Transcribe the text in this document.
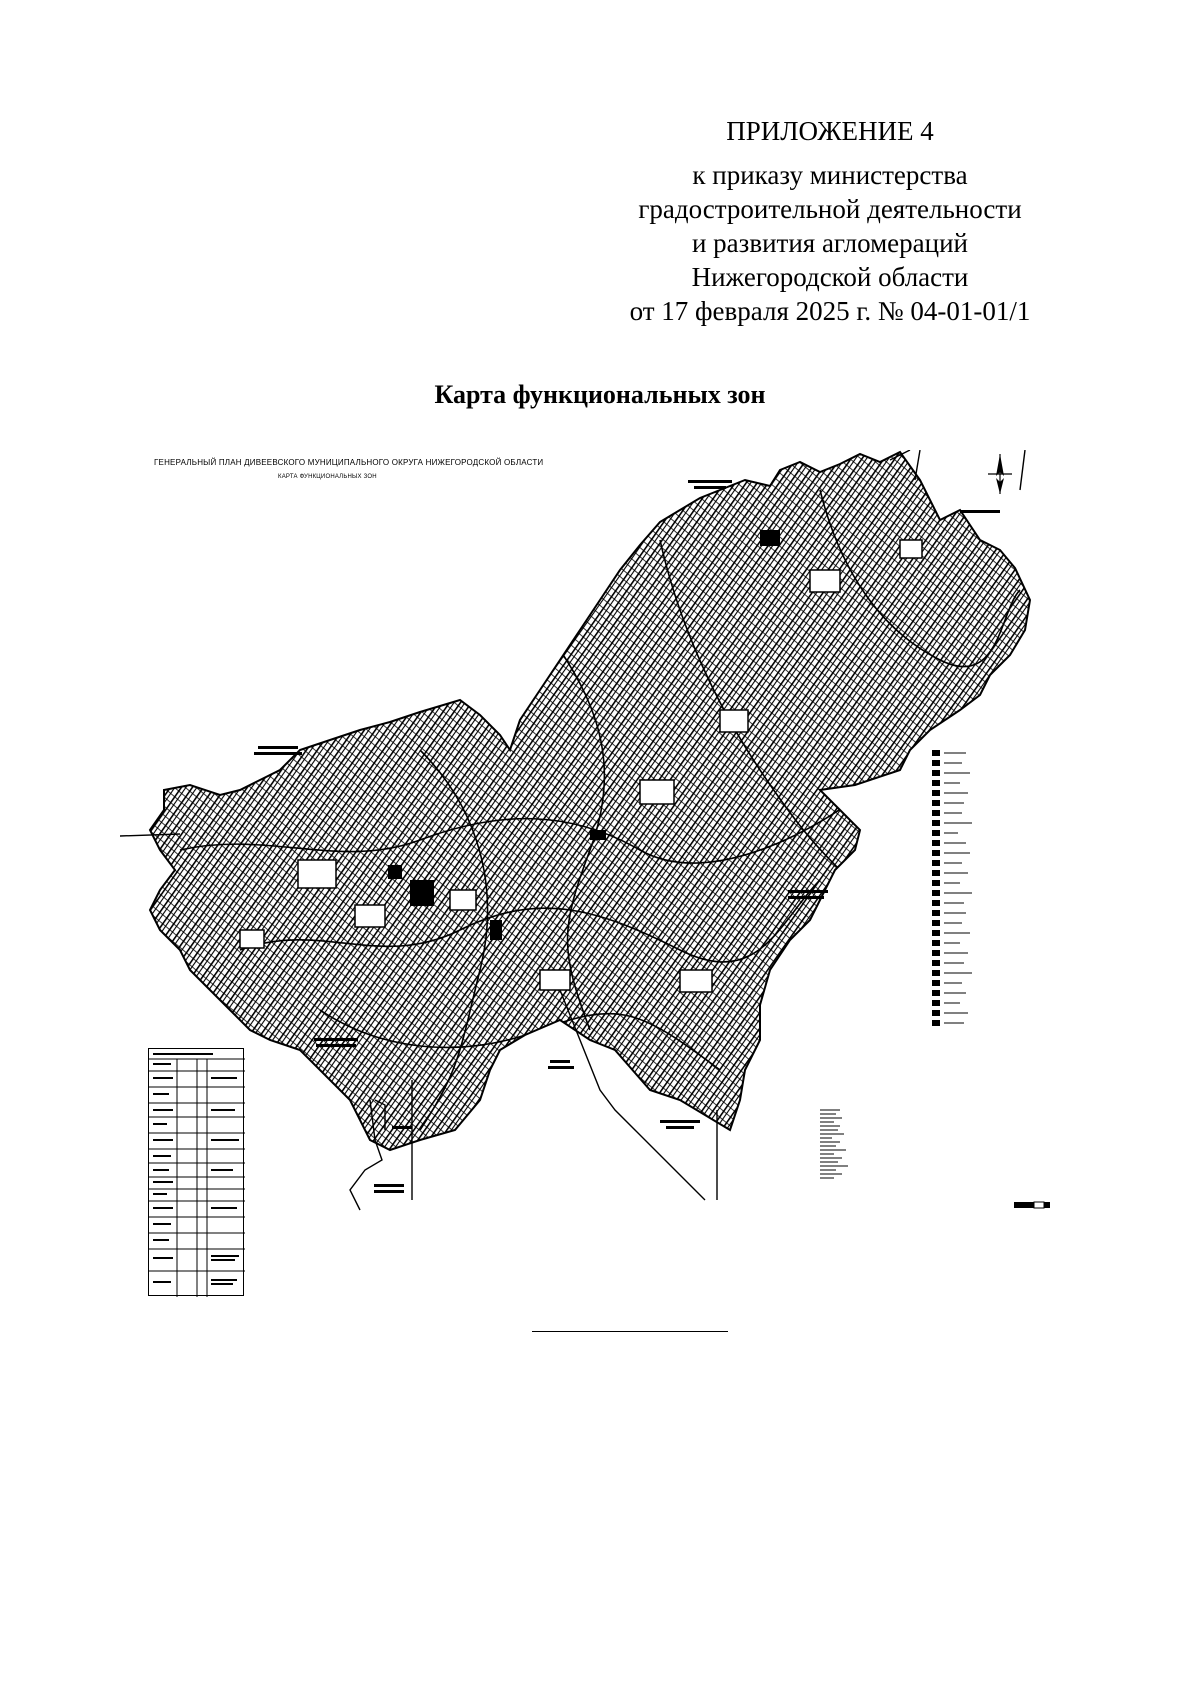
ПРИЛОЖЕНИЕ 4
к приказу министерства
градостроительной деятельности
и развития агломераций
Нижегородской области
от 17 февраля 2025 г. № 04-01-01/1
Карта функциональных зон
ГЕНЕРАЛЬНЫЙ ПЛАН ДИВЕЕВСКОГО МУНИЦИПАЛЬНОГО ОКРУГА НИЖЕГОРОДСКОЙ ОБЛАСТИ
КАРТА ФУНКЦИОНАЛЬНЫХ ЗОН
